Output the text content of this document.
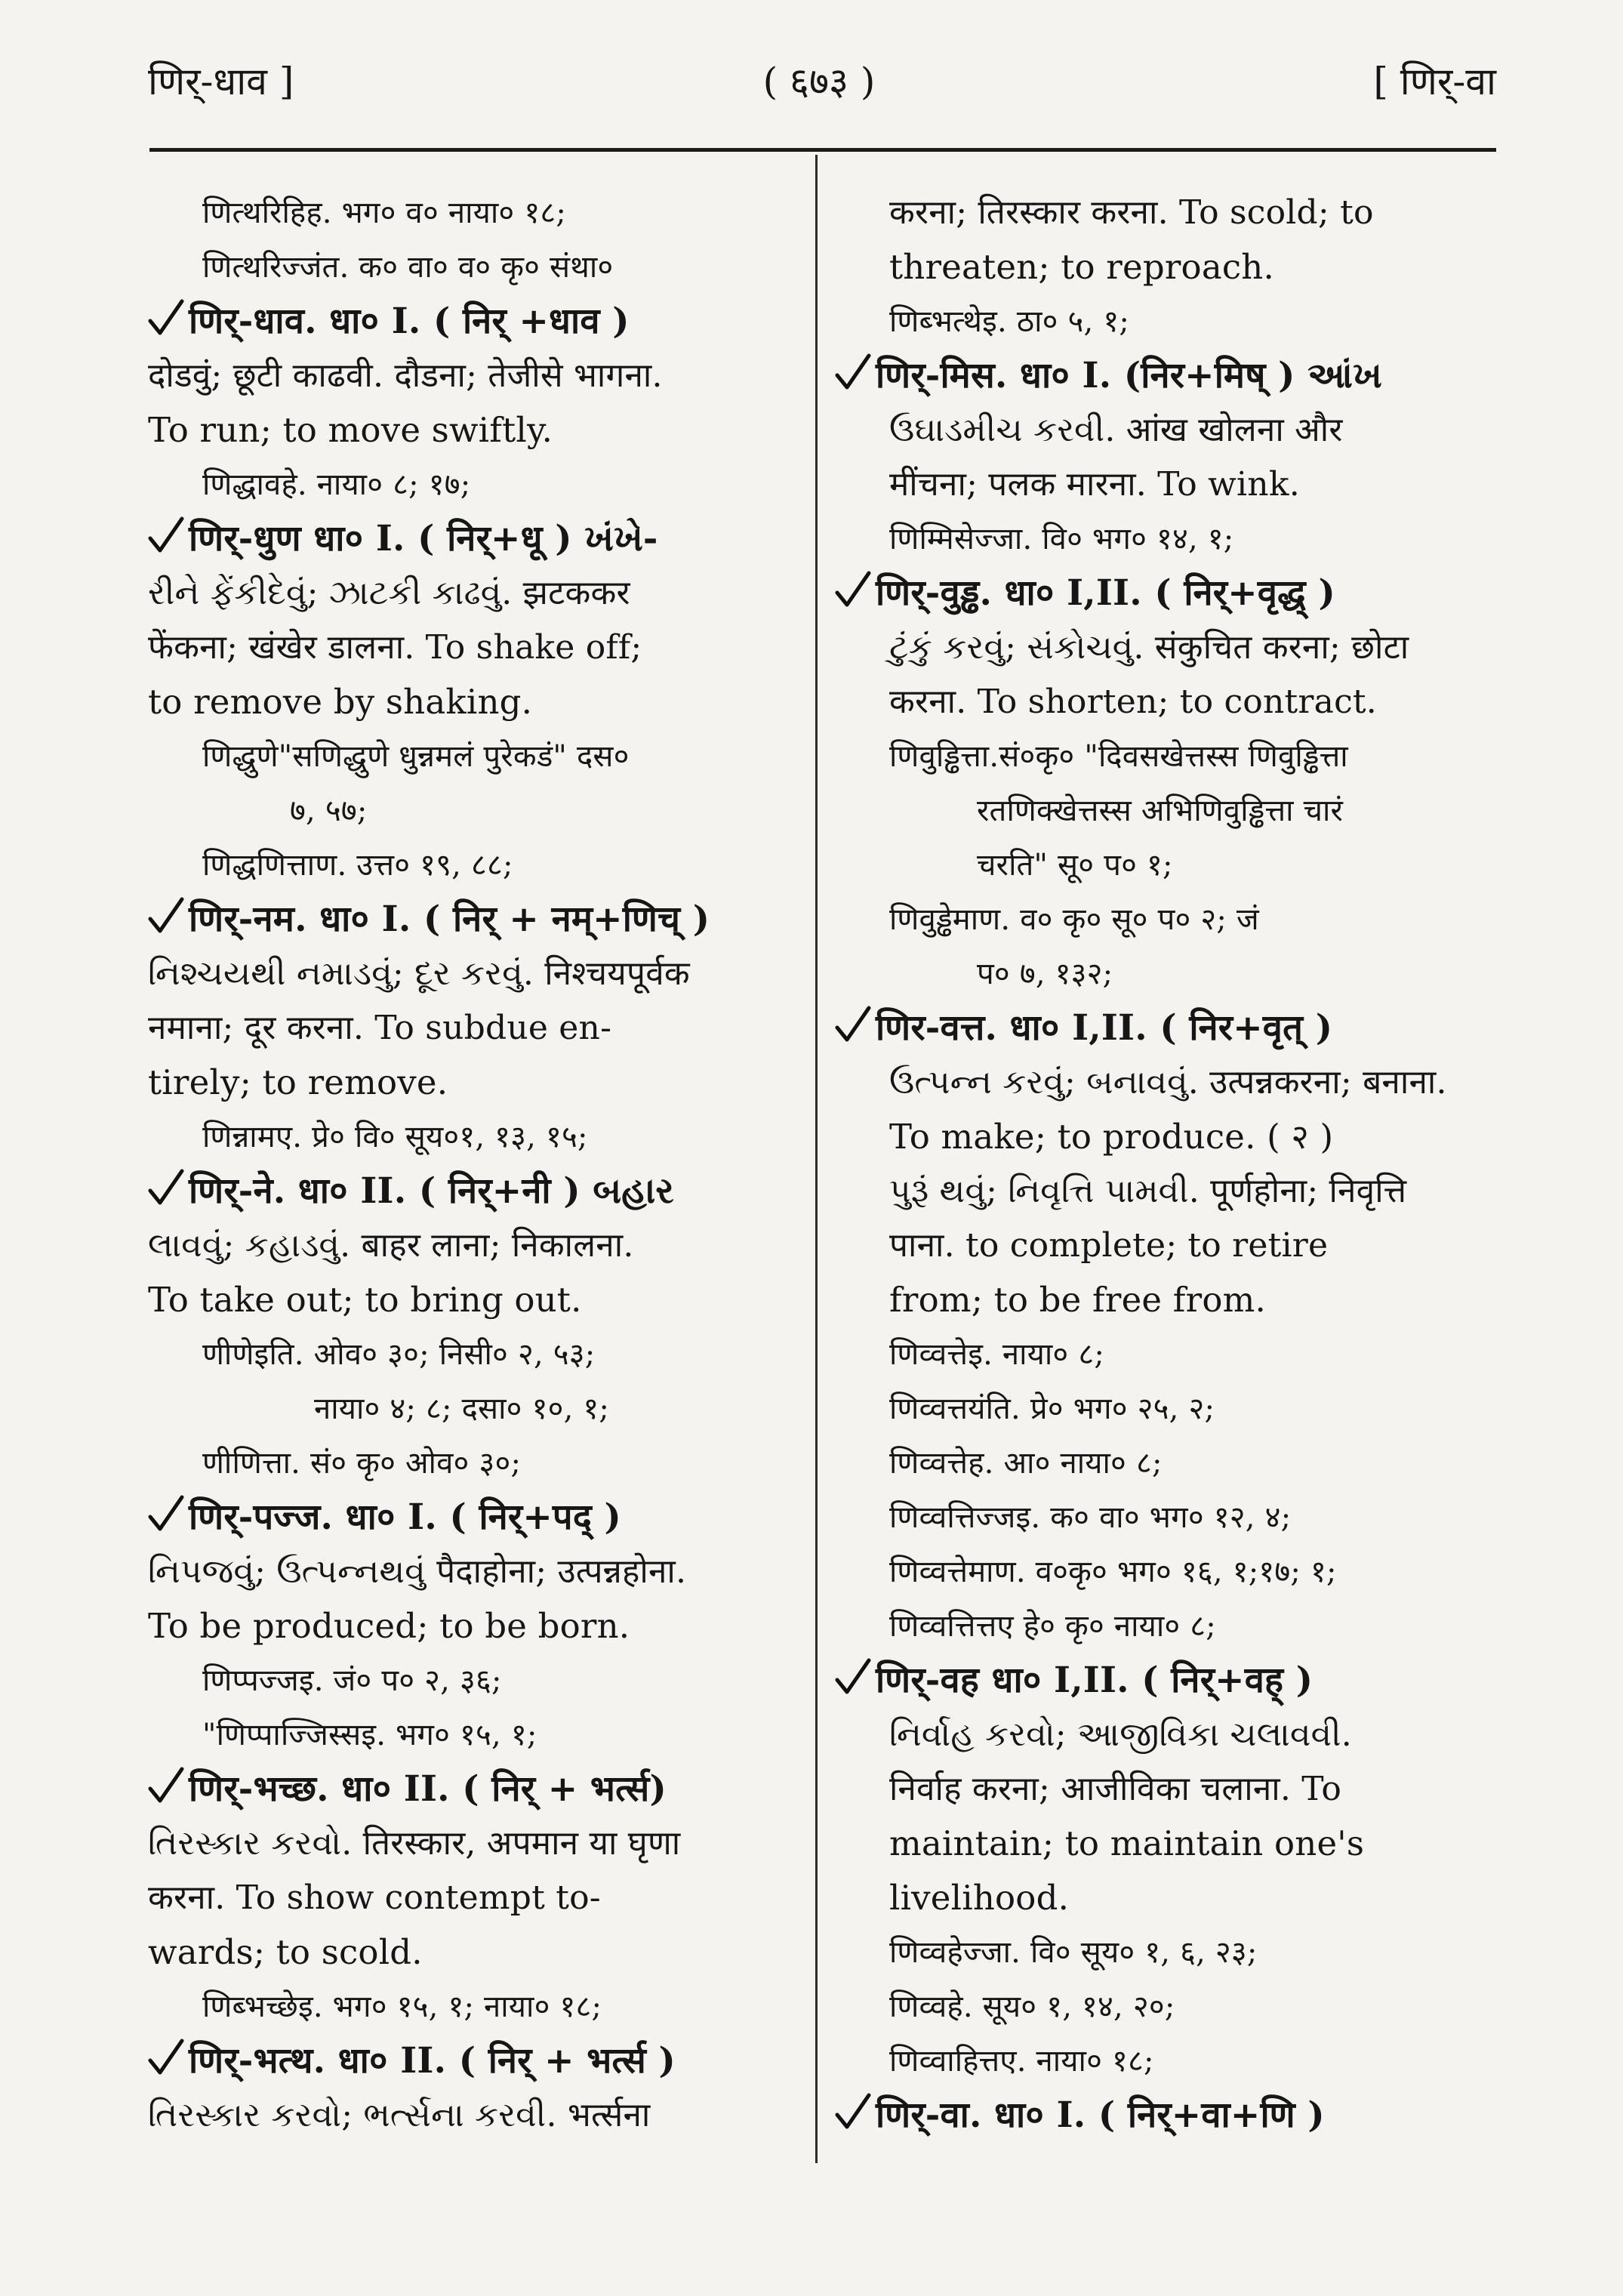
णिर्-धाव ]	( ६७३ )	[ णिर्-वा
णित्थरिहिह. भग० व० नाया० १८;
णित्थरिज्जंत. क० वा० व० कृ० संथा०
णिर्-धाव. धा० I. ( निर् +धाव )
दोडवुं; छूटी काढवी. दौडना; तेजीसे भागना.
To run; to move swiftly.
णिद्धावहे. नाया० ८; १७;
णिर्-धुण धा० I. ( निर्+धू ) ખંખે-
રીને ફેંકીદેવું; ઝાટકી કાઢવું. झटककर
फेंकना; खंखेर डालना. To shake off;
to remove by shaking.
णिद्धुणे"सणिद्धुणे धुन्नमलं पुरेकडं" दस०
७, ५७;
णिद्धणित्ताण. उत्त० १९, ८८;
णिर्-नम. धा० I. ( निर् + नम्+णिच् )
નિશ્ચયથી નમાડવું; દૂર કરવું. निश्चयपूर्वक
नमाना; दूर करना. To subdue en-
tirely; to remove.
णिन्नामए. प्रे० वि० सूय०१, १३, १५;
णिर्-ने. धा० II. ( निर्+नी ) બહાર
લાવવું; કહાડવું. बाहर लाना; निकालना.
To take out; to bring out.
णीणेइति. ओव० ३०; निसी० २, ५३;
नाया० ४; ८; दसा० १०, १;
णीणित्ता. सं० कृ० ओव० ३०;
णिर्-पज्ज. धा० I. ( निर्+पद् )
નિપજવું; ઉત્પન્નથવું पैदाहोना; उत्पन्नहोना.
To be produced; to be born.
णिप्पज्जइ. जं० प० २, ३६;
"णिप्पाज्जिस्सइ. भग० १५, १;
णिर्-भच्छ. धा० II. ( निर् + भर्त्स)
તિરસ્કાર કરવો. तिरस्कार, अपमान या घृणा
करना. To show contempt to-
wards; to scold.
णिब्भच्छेइ. भग० १५, १; नाया० १८;
णिर्-भत्थ. धा० II. ( निर् + भर्त्स )
તિરસ્કાર કરવો; ભર્ત્સના કરવી. भर्त्सना
करना; तिरस्कार करना. To scold; to
threaten; to reproach.
णिब्भत्थेइ. ठा० ५, १;
णिर्-मिस. धा० I. (निर+मिष् ) આંખ
ઉઘાડમીચ કરવી. आंख खोलना और
मींचना; पलक मारना. To wink.
णिम्मिसेज्जा. वि० भग० १४, १;
णिर्-वुड्ढ. धा० I,II. ( निर्+वृद्ध् )
ટુંકું કરવું; સંકોચવું. संकुचित करना; छोटा
करना. To shorten; to contract.
णिवुड्ढित्ता.सं०कृ० "दिवसखेत्तस्स णिवुड्ढित्ता
रतणिक्खेत्तस्स अभिणिवुड्ढित्ता चारं
चरति" सू० प० १;
णिवुड्ढेमाण. व० कृ० सू० प० २; जं
प० ७, १३२;
णिर-वत्त. धा० I,II. ( निर+वृत् )
ઉત્પન્ન કરવું; બનાવવું. उत्पन्नकरना; बनाना.
To make; to produce. ( २ )
પુરૂં થવું; નિવૃત્તિ પામવી. पूर्णहोना; निवृत्ति
पाना. to complete; to retire
from; to be free from.
णिव्वत्तेइ. नाया० ८;
णिव्वत्तयंति. प्रे० भग० २५, २;
णिव्वत्तेह. आ० नाया० ८;
णिव्वत्तिज्जइ. क० वा० भग० १२, ४;
णिव्वत्तेमाण. व०कृ० भग० १६, १;१७; १;
णिव्वत्तित्तए हे० कृ० नाया० ८;
णिर्-वह धा० I,II. ( निर्+वह् )
નિર્વાહ કરવો; આજીવિકા ચલાવવી.
निर्वाह करना; आजीविका चलाना. To
maintain; to maintain one's
livelihood.
णिव्वहेज्जा. वि० सूय० १, ६, २३;
णिव्वहे. सूय० १, १४, २०;
णिव्वाहित्तए. नाया० १८;
णिर्-वा. धा० I. ( निर्+वा+णि )
